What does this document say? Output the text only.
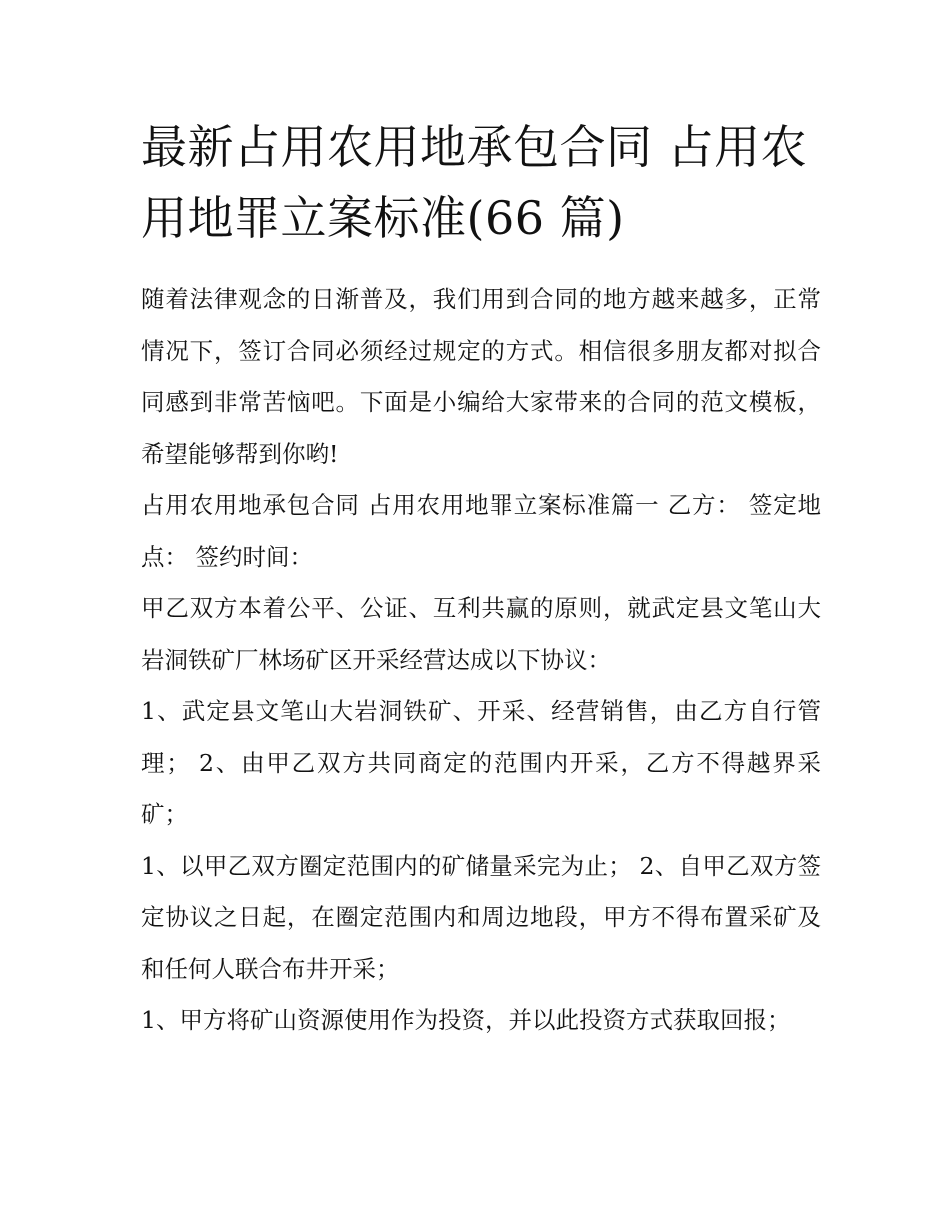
最新占用农用地承包合同 占用农用地罪立案标准(66 篇)

随着法律观念的日渐普及，我们用到合同的地方越来越多，正常情况下，签订合同必须经过规定的方式。相信很多朋友都对拟合同感到非常苦恼吧。下面是小编给大家带来的合同的范文模板，希望能够帮到你哟!

占用农用地承包合同 占用农用地罪立案标准篇一 乙方： 签定地点： 签约时间：

甲乙双方本着公平、公证、互利共赢的原则，就武定县文笔山大岩洞铁矿厂林场矿区开采经营达成以下协议：

1、武定县文笔山大岩洞铁矿、开采、经营销售，由乙方自行管理； 2、由甲乙双方共同商定的范围内开采，乙方不得越界采矿；

1、以甲乙双方圈定范围内的矿储量采完为止； 2、自甲乙双方签定协议之日起，在圈定范围内和周边地段，甲方不得布置采矿及和任何人联合布井开采；

1、甲方将矿山资源使用作为投资，并以此投资方式获取回报；
